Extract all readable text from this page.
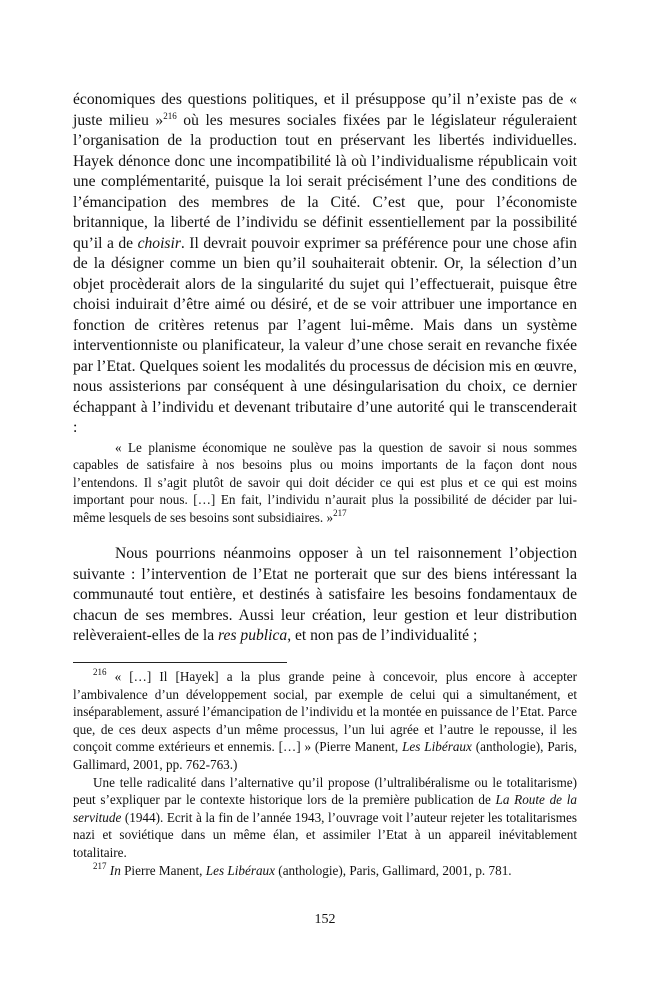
économiques des questions politiques, et il présuppose qu’il n’existe pas de « juste milieu »$^{216}$ où les mesures sociales fixées par le législateur réguleraient l’organisation de la production tout en préservant les libertés individuelles. Hayek dénonce donc une incompatibilité là où l’individualisme républicain voit une complémentarité, puisque la loi serait précisément l’une des conditions de l’émancipation des membres de la Cité. C’est que, pour l’économiste britannique, la liberté de l’individu se définit essentiellement par la possibilité qu’il a de choisir. Il devrait pouvoir exprimer sa préférence pour une chose afin de la désigner comme un bien qu’il souhaiterait obtenir. Or, la sélection d’un objet procèderait alors de la singularité du sujet qui l’effectuerait, puisque être choisi induirait d’être aimé ou désiré, et de se voir attribuer une importance en fonction de critères retenus par l’agent lui-même. Mais dans un système interventionniste ou planificateur, la valeur d’une chose serait en revanche fixée par l’Etat. Quelques soient les modalités du processus de décision mis en œuvre, nous assisterions par conséquent à une désingularisation du choix, ce dernier échappant à l’individu et devenant tributaire d’une autorité qui le transcenderait :

« Le planisme économique ne soulève pas la question de savoir si nous sommes capables de satisfaire à nos besoins plus ou moins importants de la façon dont nous l’entendons. Il s’agit plutôt de savoir qui doit décider ce qui est plus et ce qui est moins important pour nous. […] En fait, l’individu n’aurait plus la possibilité de décider par lui-même lesquels de ses besoins sont subsidiaires. »$^{217}$

Nous pourrions néanmoins opposer à un tel raisonnement l’objection suivante : l’intervention de l’Etat ne porterait que sur des biens intéressant la communauté tout entière, et destinés à satisfaire les besoins fondamentaux de chacun de ses membres. Aussi leur création, leur gestion et leur distribution relèveraient-elles de la res publica, et non pas de l’individualité ;

$^{216}$ « […] Il [Hayek] a la plus grande peine à concevoir, plus encore à accepter l’ambivalence d’un développement social, par exemple de celui qui a simultanément, et inséparablement, assuré l’émancipation de l’individu et la montée en puissance de l’Etat. Parce que, de ces deux aspects d’un même processus, l’un lui agrée et l’autre le repousse, il les conçoit comme extérieurs et ennemis. […] » (Pierre Manent, Les Libéraux (anthologie), Paris, Gallimard, 2001, pp. 762-763.)

Une telle radicalité dans l’alternative qu’il propose (l’ultralibéralisme ou le totalitarisme) peut s’expliquer par le contexte historique lors de la première publication de La Route de la servitude (1944). Ecrit à la fin de l’année 1943, l’ouvrage voit l’auteur rejeter les totalitarismes nazi et soviétique dans un même élan, et assimiler l’Etat à un appareil inévitablement totalitaire.

$^{217}$ In Pierre Manent, Les Libéraux (anthologie), Paris, Gallimard, 2001, p. 781.

152
